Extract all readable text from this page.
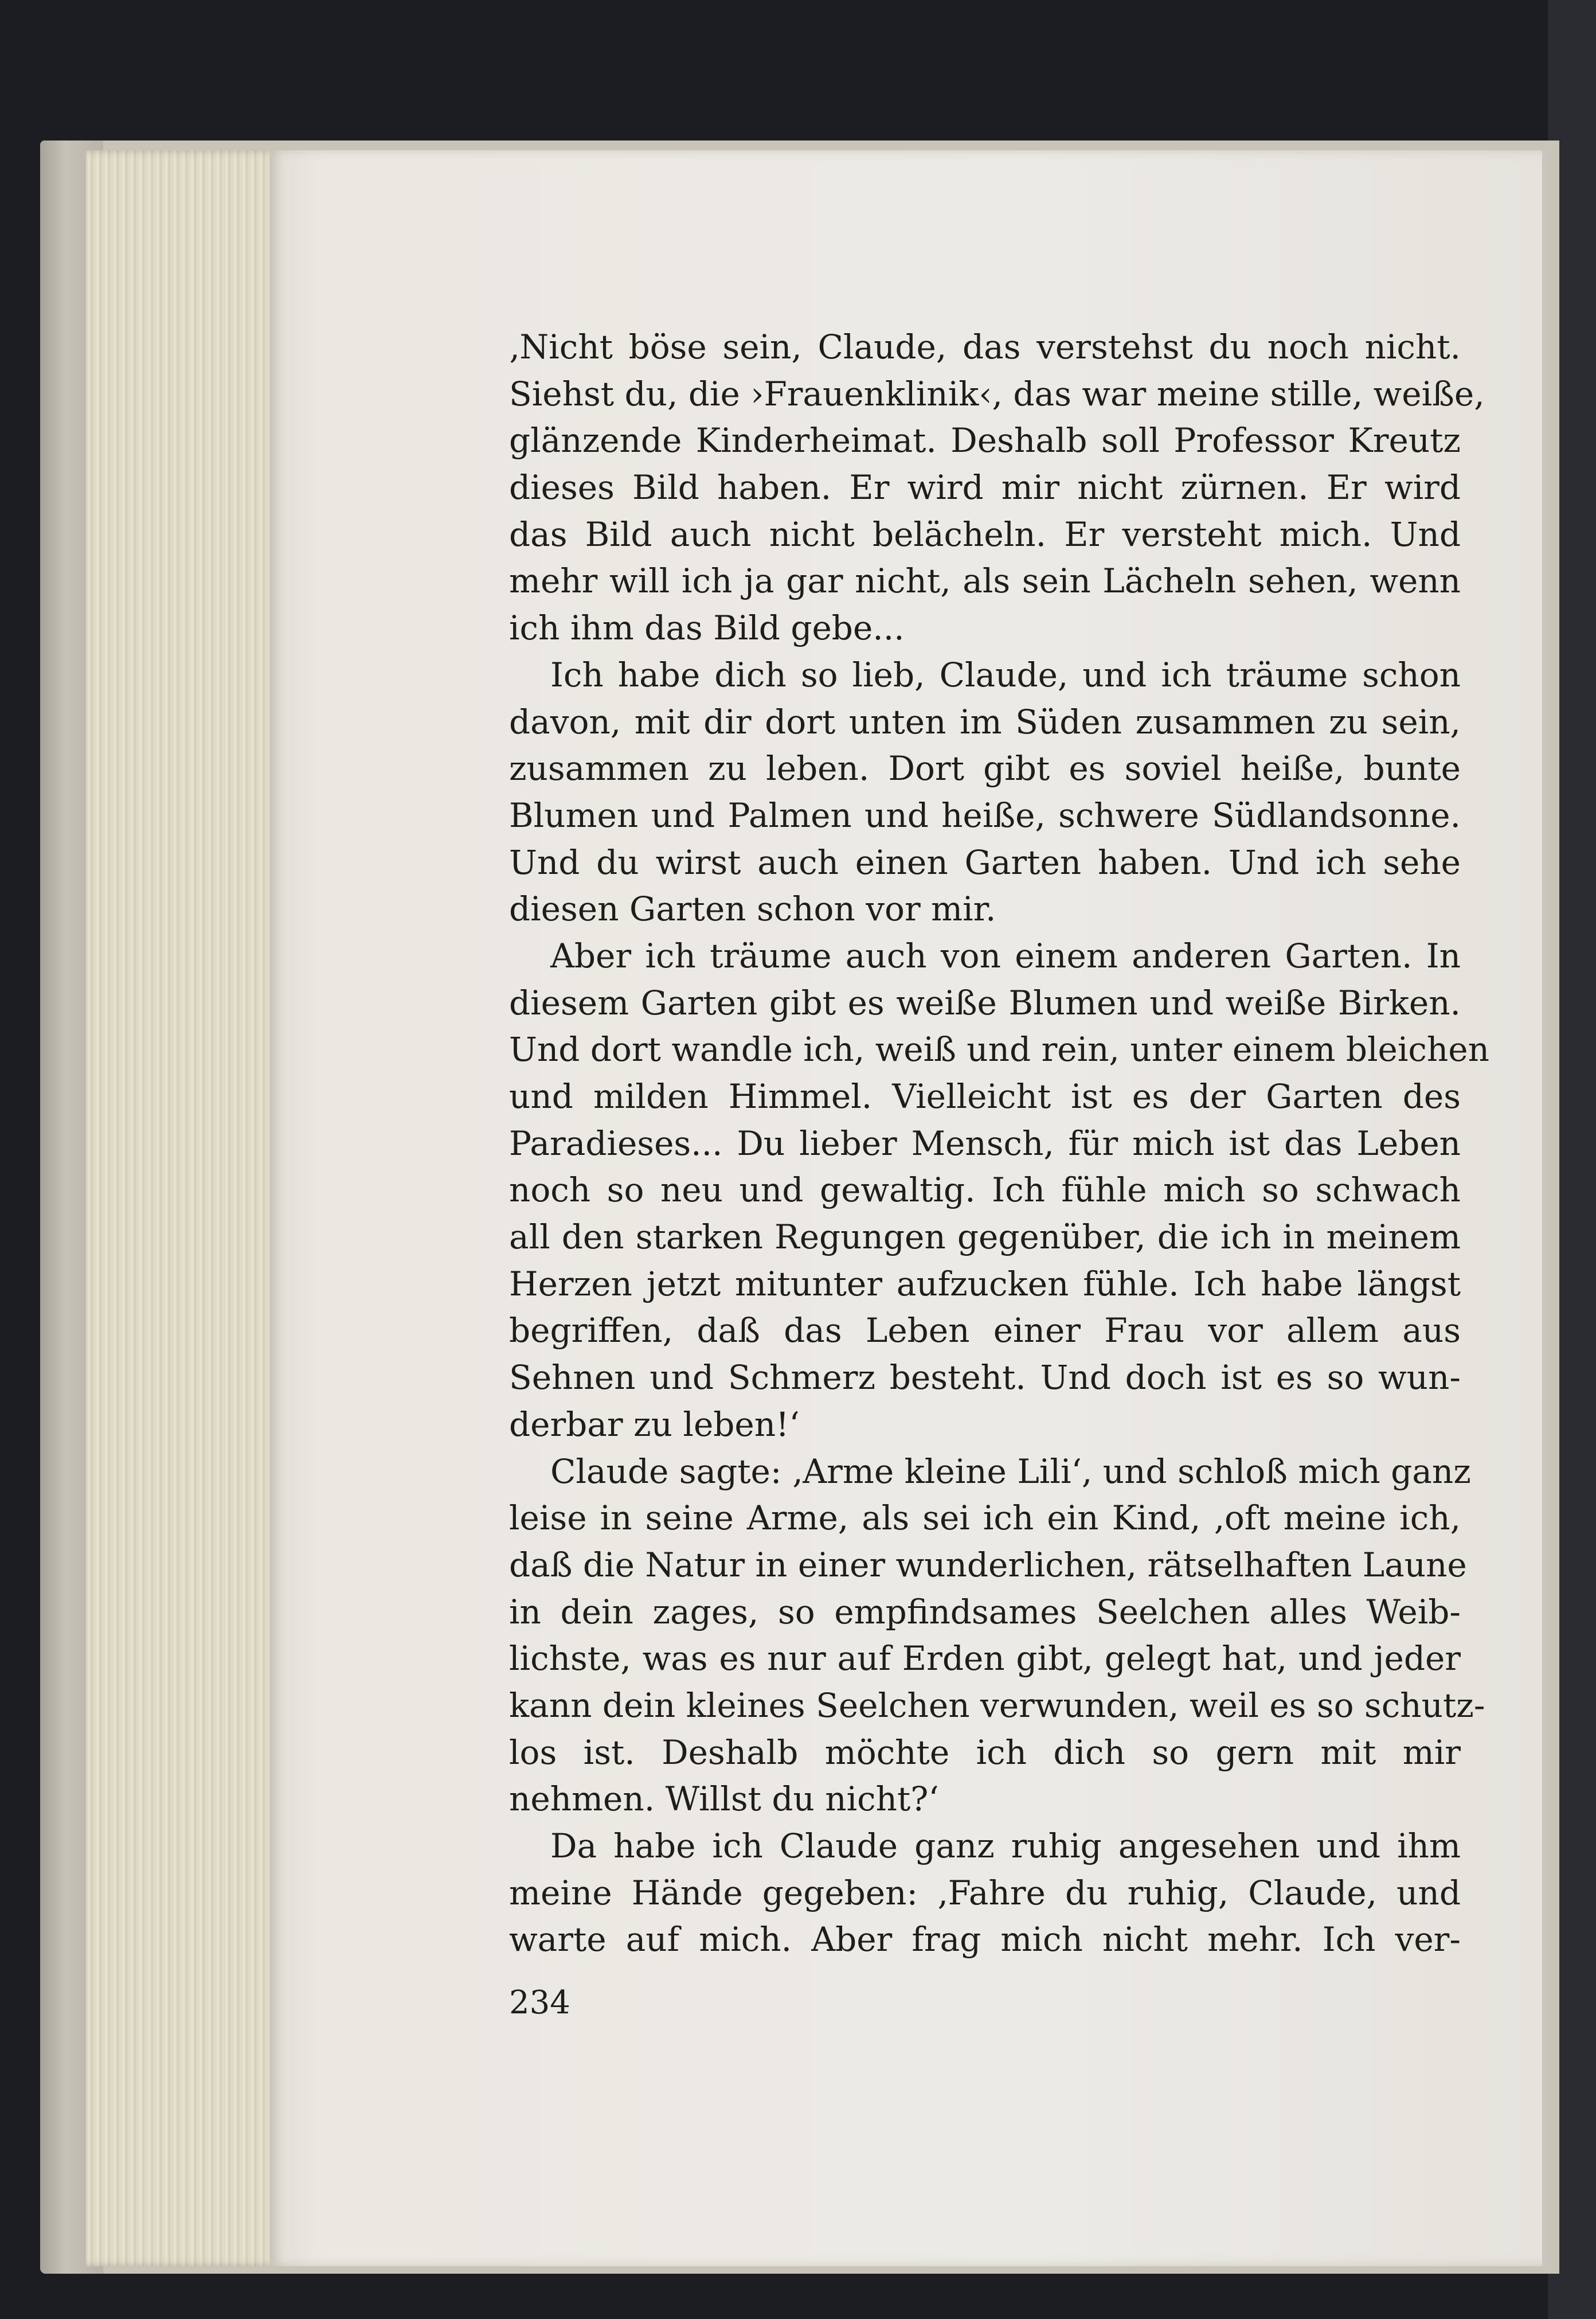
‚Nicht böse sein, Claude, das verstehst du noch nicht.
Siehst du, die ›Frauenklinik‹, das war meine stille, weiße,
glänzende Kinderheimat. Deshalb soll Professor Kreutz
dieses Bild haben. Er wird mir nicht zürnen. Er wird
das Bild auch nicht belächeln. Er versteht mich. Und
mehr will ich ja gar nicht, als sein Lächeln sehen, wenn
ich ihm das Bild gebe...
Ich habe dich so lieb, Claude, und ich träume schon
davon, mit dir dort unten im Süden zusammen zu sein,
zusammen zu leben. Dort gibt es soviel heiße, bunte
Blumen und Palmen und heiße, schwere Südlandsonne.
Und du wirst auch einen Garten haben. Und ich sehe
diesen Garten schon vor mir.
Aber ich träume auch von einem anderen Garten. In
diesem Garten gibt es weiße Blumen und weiße Birken.
Und dort wandle ich, weiß und rein, unter einem bleichen
und milden Himmel. Vielleicht ist es der Garten des
Paradieses... Du lieber Mensch, für mich ist das Leben
noch so neu und gewaltig. Ich fühle mich so schwach
all den starken Regungen gegenüber, die ich in meinem
Herzen jetzt mitunter aufzucken fühle. Ich habe längst
begriffen, daß das Leben einer Frau vor allem aus
Sehnen und Schmerz besteht. Und doch ist es so wun-
derbar zu leben!‘
Claude sagte: ‚Arme kleine Lili‘, und schloß mich ganz
leise in seine Arme, als sei ich ein Kind, ‚oft meine ich,
daß die Natur in einer wunderlichen, rätselhaften Laune
in dein zages, so empfindsames Seelchen alles Weib-
lichste, was es nur auf Erden gibt, gelegt hat, und jeder
kann dein kleines Seelchen verwunden, weil es so schutz-
los ist. Deshalb möchte ich dich so gern mit mir
nehmen. Willst du nicht?‘
Da habe ich Claude ganz ruhig angesehen und ihm
meine Hände gegeben: ‚Fahre du ruhig, Claude, und
warte auf mich. Aber frag mich nicht mehr. Ich ver-
234
